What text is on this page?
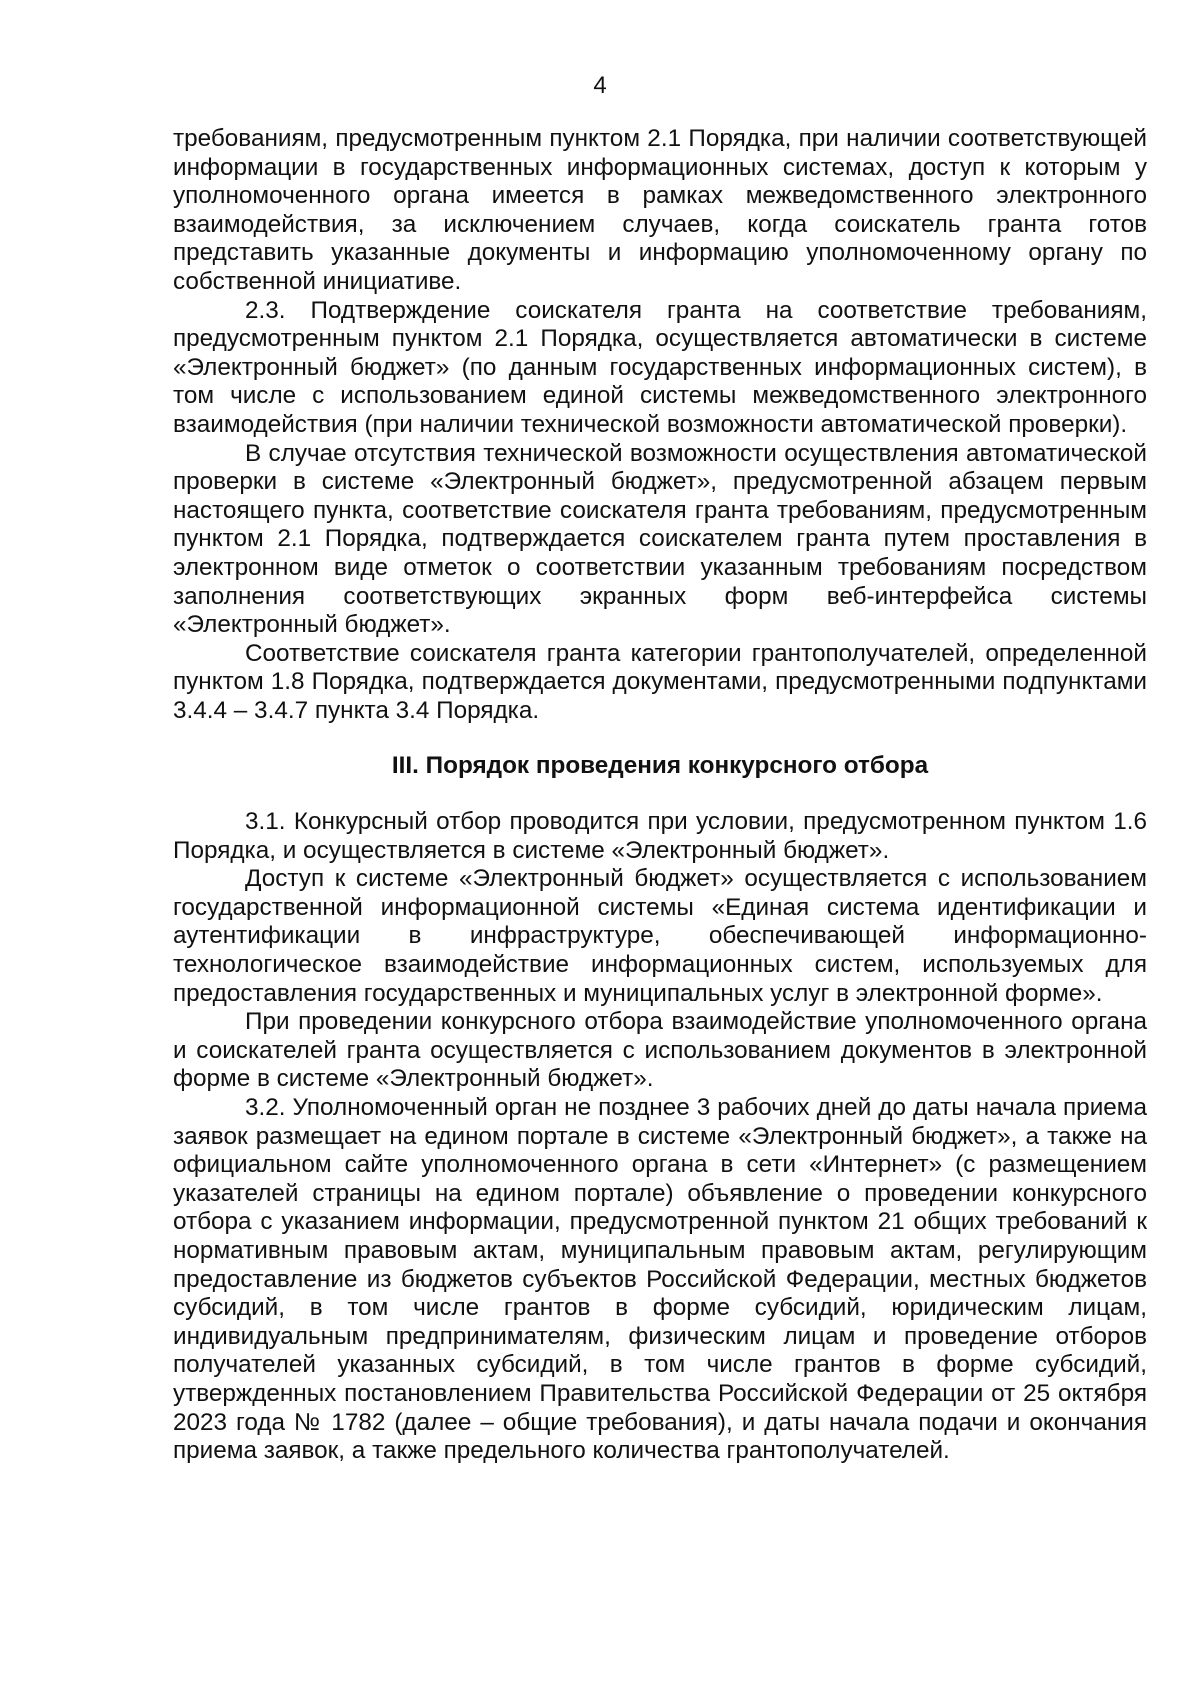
4

требованиям, предусмотренным пунктом 2.1 Порядка, при наличии соответствующей информации в государственных информационных системах, доступ к которым у уполномоченного органа имеется в рамках межведомственного электронного взаимодействия, за исключением случаев, когда соискатель гранта готов представить указанные документы и информацию уполномоченному органу по собственной инициативе.

2.3. Подтверждение соискателя гранта на соответствие требованиям, предусмотренным пунктом 2.1 Порядка, осуществляется автоматически в системе «Электронный бюджет» (по данным государственных информационных систем), в том числе с использованием единой системы межведомственного электронного взаимодействия (при наличии технической возможности автоматической проверки).

В случае отсутствия технической возможности осуществления автоматической проверки в системе «Электронный бюджет», предусмотренной абзацем первым настоящего пункта, соответствие соискателя гранта требованиям, предусмотренным пунктом 2.1 Порядка, подтверждается соискателем гранта путем проставления в электронном виде отметок о соответствии указанным требованиям посредством заполнения соответствующих экранных форм веб-интерфейса системы «Электронный бюджет».

Соответствие соискателя гранта категории грантополучателей, определенной пунктом 1.8 Порядка, подтверждается документами, предусмотренными подпунктами 3.4.4 – 3.4.7 пункта 3.4 Порядка.

III. Порядок проведения конкурсного отбора

3.1. Конкурсный отбор проводится при условии, предусмотренном пунктом 1.6 Порядка, и осуществляется в системе «Электронный бюджет».

Доступ к системе «Электронный бюджет» осуществляется с использованием государственной информационной системы «Единая система идентификации и аутентификации в инфраструктуре, обеспечивающей информационно-технологическое взаимодействие информационных систем, используемых для предоставления государственных и муниципальных услуг в электронной форме».

При проведении конкурсного отбора взаимодействие уполномоченного органа и соискателей гранта осуществляется с использованием документов в электронной форме в системе «Электронный бюджет».

3.2. Уполномоченный орган не позднее 3 рабочих дней до даты начала приема заявок размещает на едином портале в системе «Электронный бюджет», а также на официальном сайте уполномоченного органа в сети «Интернет» (с размещением указателей страницы на едином портале) объявление о проведении конкурсного отбора с указанием информации, предусмотренной пунктом 21 общих требований к нормативным правовым актам, муниципальным правовым актам, регулирующим предоставление из бюджетов субъектов Российской Федерации, местных бюджетов субсидий, в том числе грантов в форме субсидий, юридическим лицам, индивидуальным предпринимателям, физическим лицам и проведение отборов получателей указанных субсидий, в том числе грантов в форме субсидий, утвержденных постановлением Правительства Российской Федерации от 25 октября 2023 года № 1782 (далее – общие требования), и даты начала подачи и окончания приема заявок, а также предельного количества грантополучателей.
